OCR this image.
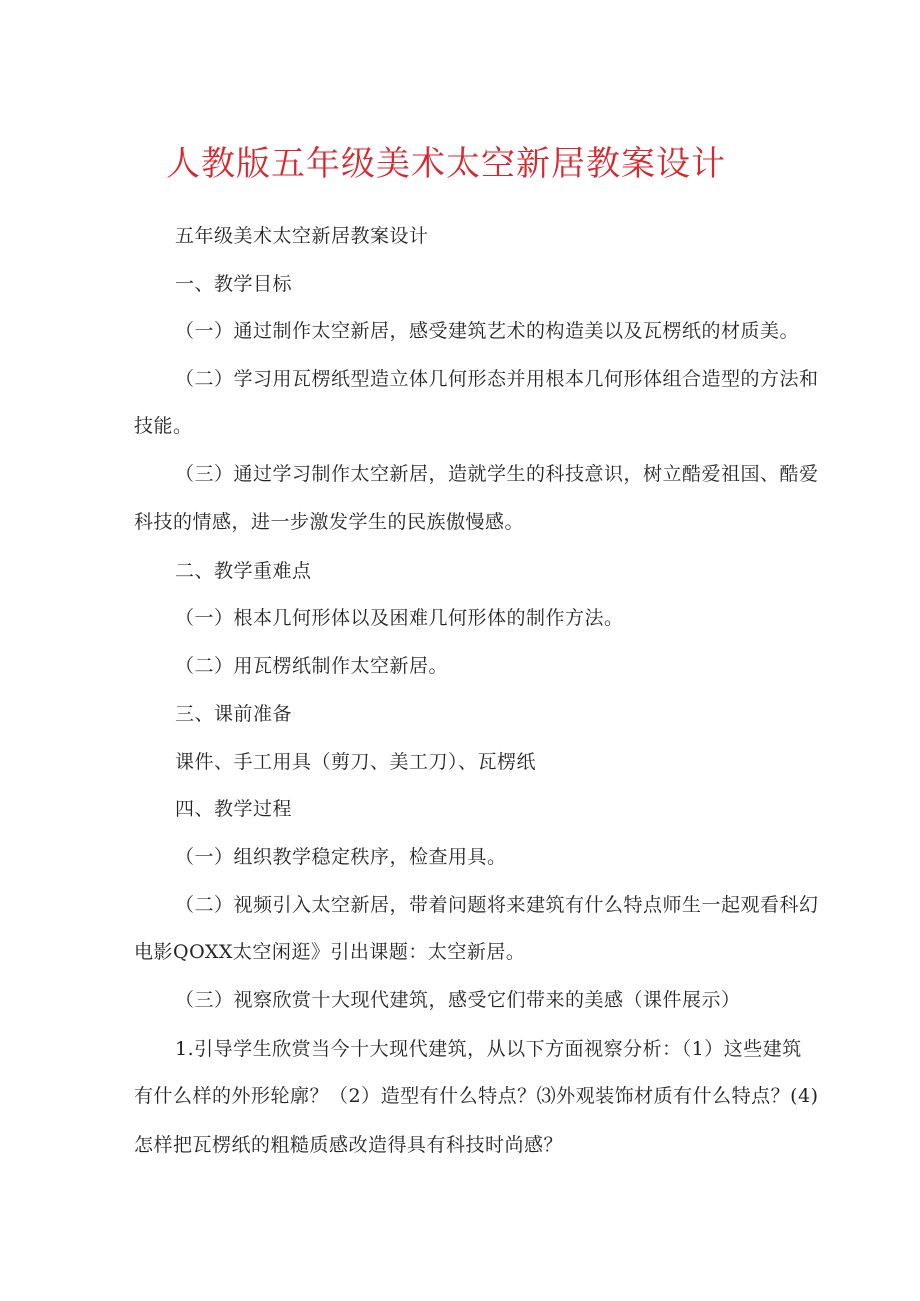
人教版五年级美术太空新居教案设计
五年级美术太空新居教案设计
一、教学目标
（一）通过制作太空新居，感受建筑艺术的构造美以及瓦楞纸的材质美。
（二）学习用瓦楞纸型造立体几何形态并用根本几何形体组合造型的方法和
技能。
（三）通过学习制作太空新居，造就学生的科技意识，树立酷爱祖国、酷爱
科技的情感，进一步激发学生的民族傲慢感。
二、教学重难点
（一）根本几何形体以及困难几何形体的制作方法。
（二）用瓦楞纸制作太空新居。
三、课前准备
课件、手工用具（剪刀、美工刀）、瓦楞纸
四、教学过程
（一）组织教学稳定秩序，检查用具。
（二）视频引入太空新居，带着问题将来建筑有什么特点师生一起观看科幻
电影QOXX太空闲逛》引出课题：太空新居。
（三）视察欣赏十大现代建筑，感受它们带来的美感（课件展示）
1.引导学生欣赏当今十大现代建筑，从以下方面视察分析：（1）这些建筑
有什么样的外形轮廓？（2）造型有什么特点？⑶外观装饰材质有什么特点？(4)
怎样把瓦楞纸的粗糙质感改造得具有科技时尚感？
